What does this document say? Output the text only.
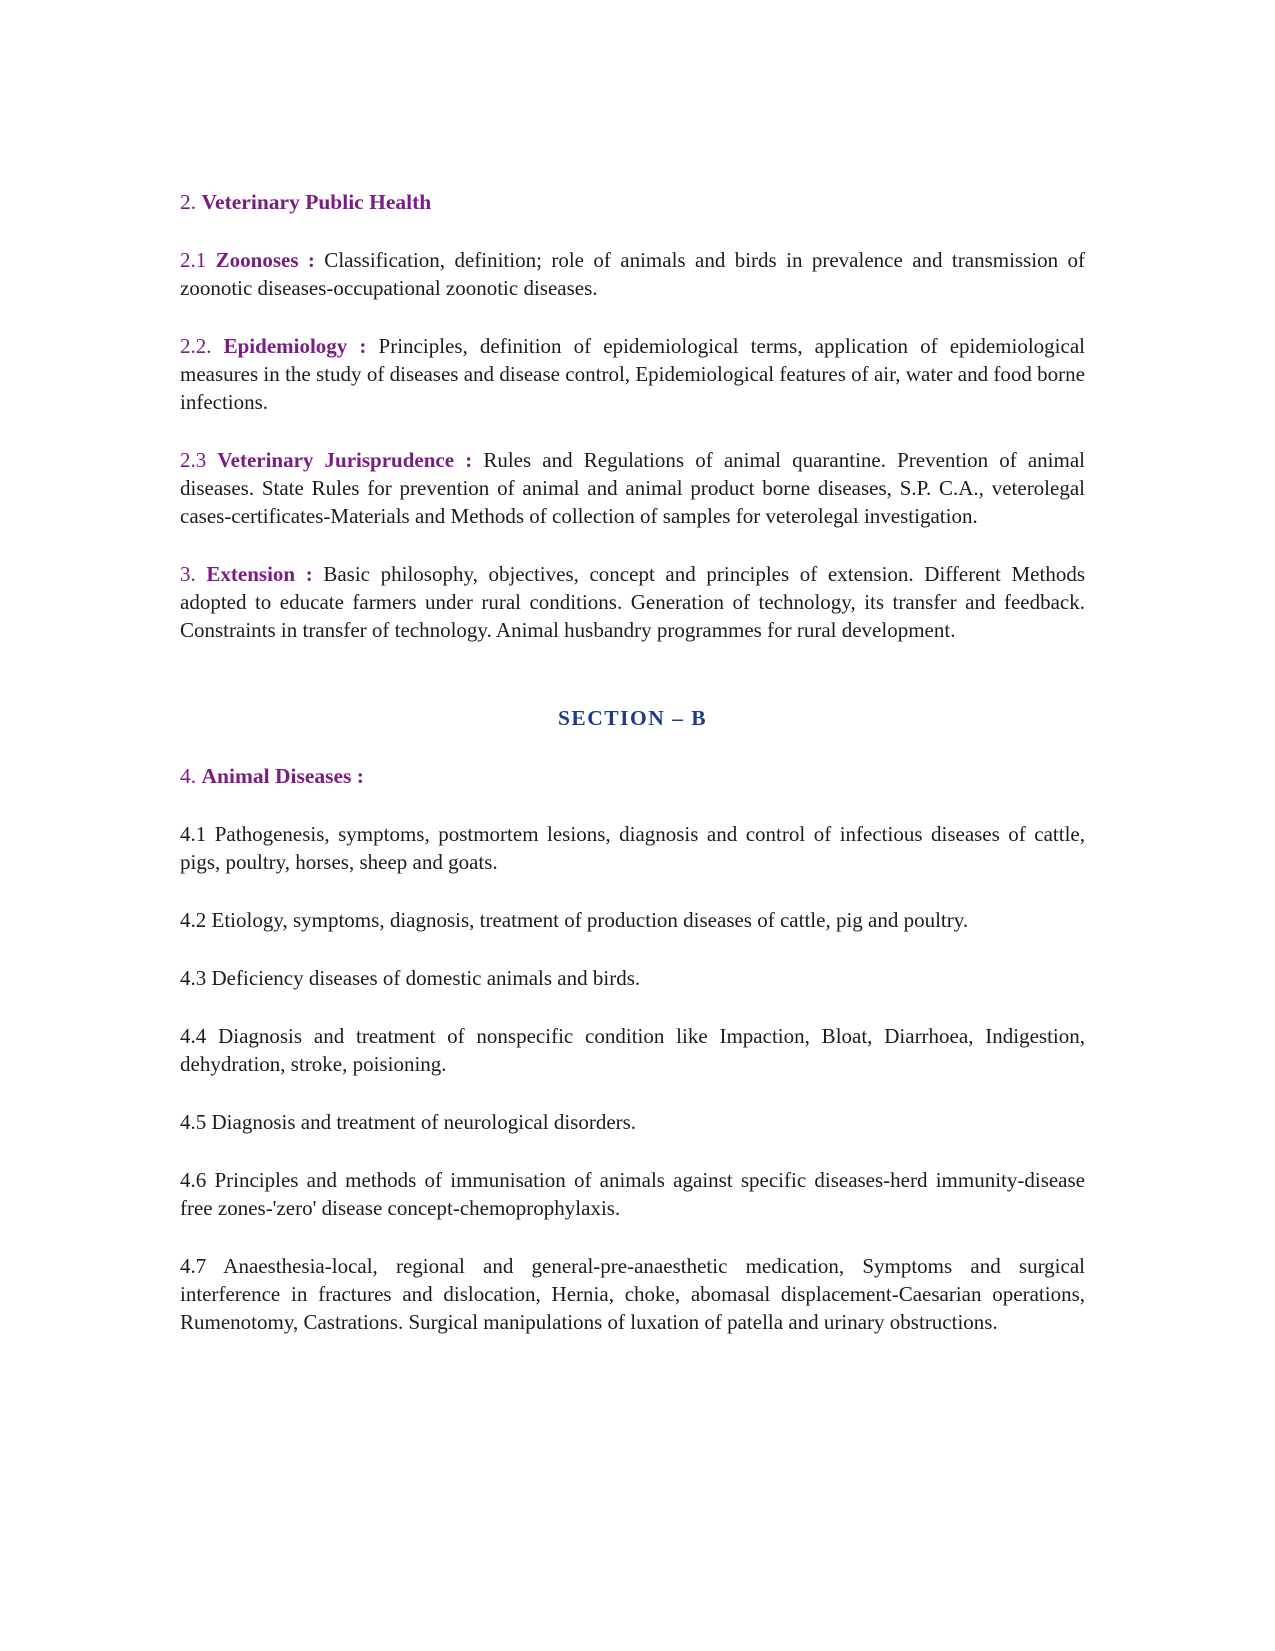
2. Veterinary Public Health

2.1 Zoonoses : Classification, definition; role of animals and birds in prevalence and transmission of zoonotic diseases-occupational zoonotic diseases.

2.2. Epidemiology : Principles, definition of epidemiological terms, application of epidemiological measures in the study of diseases and disease control, Epidemiological features of air, water and food borne infections.

2.3 Veterinary Jurisprudence : Rules and Regulations of animal quarantine. Prevention of animal diseases. State Rules for prevention of animal and animal product borne diseases, S.P. C.A., veterolegal cases-certificates-Materials and Methods of collection of samples for veterolegal investigation.

3. Extension : Basic philosophy, objectives, concept and principles of extension. Different Methods adopted to educate farmers under rural conditions. Generation of technology, its transfer and feedback. Constraints in transfer of technology. Animal husbandry programmes for rural development.

SECTION – B
4. Animal Diseases :

4.1 Pathogenesis, symptoms, postmortem lesions, diagnosis and control of infectious diseases of cattle, pigs, poultry, horses, sheep and goats.

4.2 Etiology, symptoms, diagnosis, treatment of production diseases of cattle, pig and poultry.

4.3 Deficiency diseases of domestic animals and birds.

4.4 Diagnosis and treatment of nonspecific condition like Impaction, Bloat, Diarrhoea, Indigestion, dehydration, stroke, poisioning.

4.5 Diagnosis and treatment of neurological disorders.

4.6 Principles and methods of immunisation of animals against specific diseases-herd immunity-disease free zones-'zero' disease concept-chemoprophylaxis.

4.7 Anaesthesia-local, regional and general-pre-anaesthetic medication, Symptoms and surgical interference in fractures and dislocation, Hernia, choke, abomasal displacement-Caesarian operations, Rumenotomy, Castrations. Surgical manipulations of luxation of patella and urinary obstructions.
